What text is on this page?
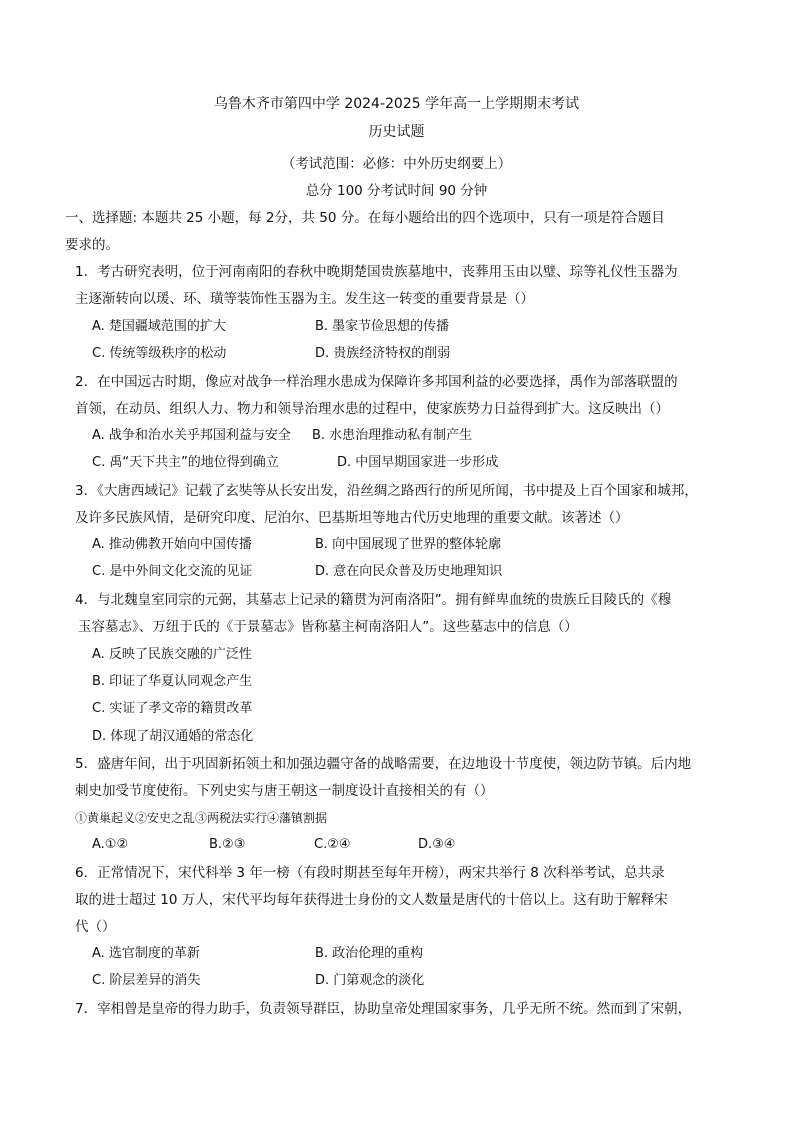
乌鲁木齐市第四中学 2024-2025 学年高一上学期期末考试
历史试题
（考试范围：必修：中外历史纲要上）
总分 100 分考试时间 90 分钟
一、选择题: 本题共 25 小题，每 2分，共 50 分。在每小题给出的四个选项中，只有一项是符合题目
要求的。
1．考古研究表明，位于河南南阳的春秋中晚期楚国贵族墓地中，丧葬用玉由以璧、琮等礼仪性玉器为
主逐渐转向以瑗、环、璜等装饰性玉器为主。发生这一转变的重要背景是（）
A. 楚国疆域范围的扩大	B. 墨家节俭思想的传播
C. 传统等级秩序的松动	D. 贵族经济特权的削弱
2．在中国远古时期，像应对战争一样治理水患成为保障许多邦国利益的必要选择，禹作为部落联盟的
首领，在动员、组织人力、物力和领导治理水患的过程中，使家族势力日益得到扩大。这反映出（）
A. 战争和治水关乎邦国利益与安全 B. 水患治理推动私有制产生
C. 禹“天下共主”的地位得到确立	D. 中国早期国家进一步形成
3．《大唐西域记》记载了玄奘等从长安出发，沿丝绸之路西行的所见所闻，书中提及上百个国家和城邦，
及许多民族风情，是研究印度、尼泊尔、巴基斯坦等地古代历史地理的重要文献。该著述（）
A. 推动佛教开始向中国传播	B. 向中国展现了世界的整体轮廓
C. 是中外间文化交流的见证	D. 意在向民众普及历史地理知识
4．与北魏皇室同宗的元弼，其墓志上记录的籍贯为河南洛阳”。拥有鲜卑血统的贵族丘目陵氏的《穆
玉容墓志》、万纽于氏的《于景墓志》皆称墓主柯南洛阳人”。这些墓志中的信息（）
A. 反映了民族交融的广泛性
B. 印证了华夏认同观念产生
C. 实证了孝文帝的籍贯改革
D. 体现了胡汉通婚的常态化
5．盛唐年间，出于巩固新拓领土和加强边疆守备的战略需要，在边地设十节度使，领边防节镇。后内地
刺史加受节度使衔。下列史实与唐王朝这一制度设计直接相关的有（）
①黄巢起义②安史之乱③两税法实行④藩镇割据
A.①②	B.②③	C.②④	D.③④
6．正常情况下，宋代科举 3 年一榜（有段时期甚至每年开榜），两宋共举行 8 次科举考试，总共录
取的进士超过 10 万人，宋代平均每年获得进士身份的文人数量是唐代的十倍以上。这有助于解释宋
代（）
A. 选官制度的革新	B. 政治伦理的重构
C. 阶层差异的消失	D. 门第观念的淡化
7．宰相曾是皇帝的得力助手，负责领导群臣，协助皇帝处理国家事务，几乎无所不统。然而到了宋朝，
